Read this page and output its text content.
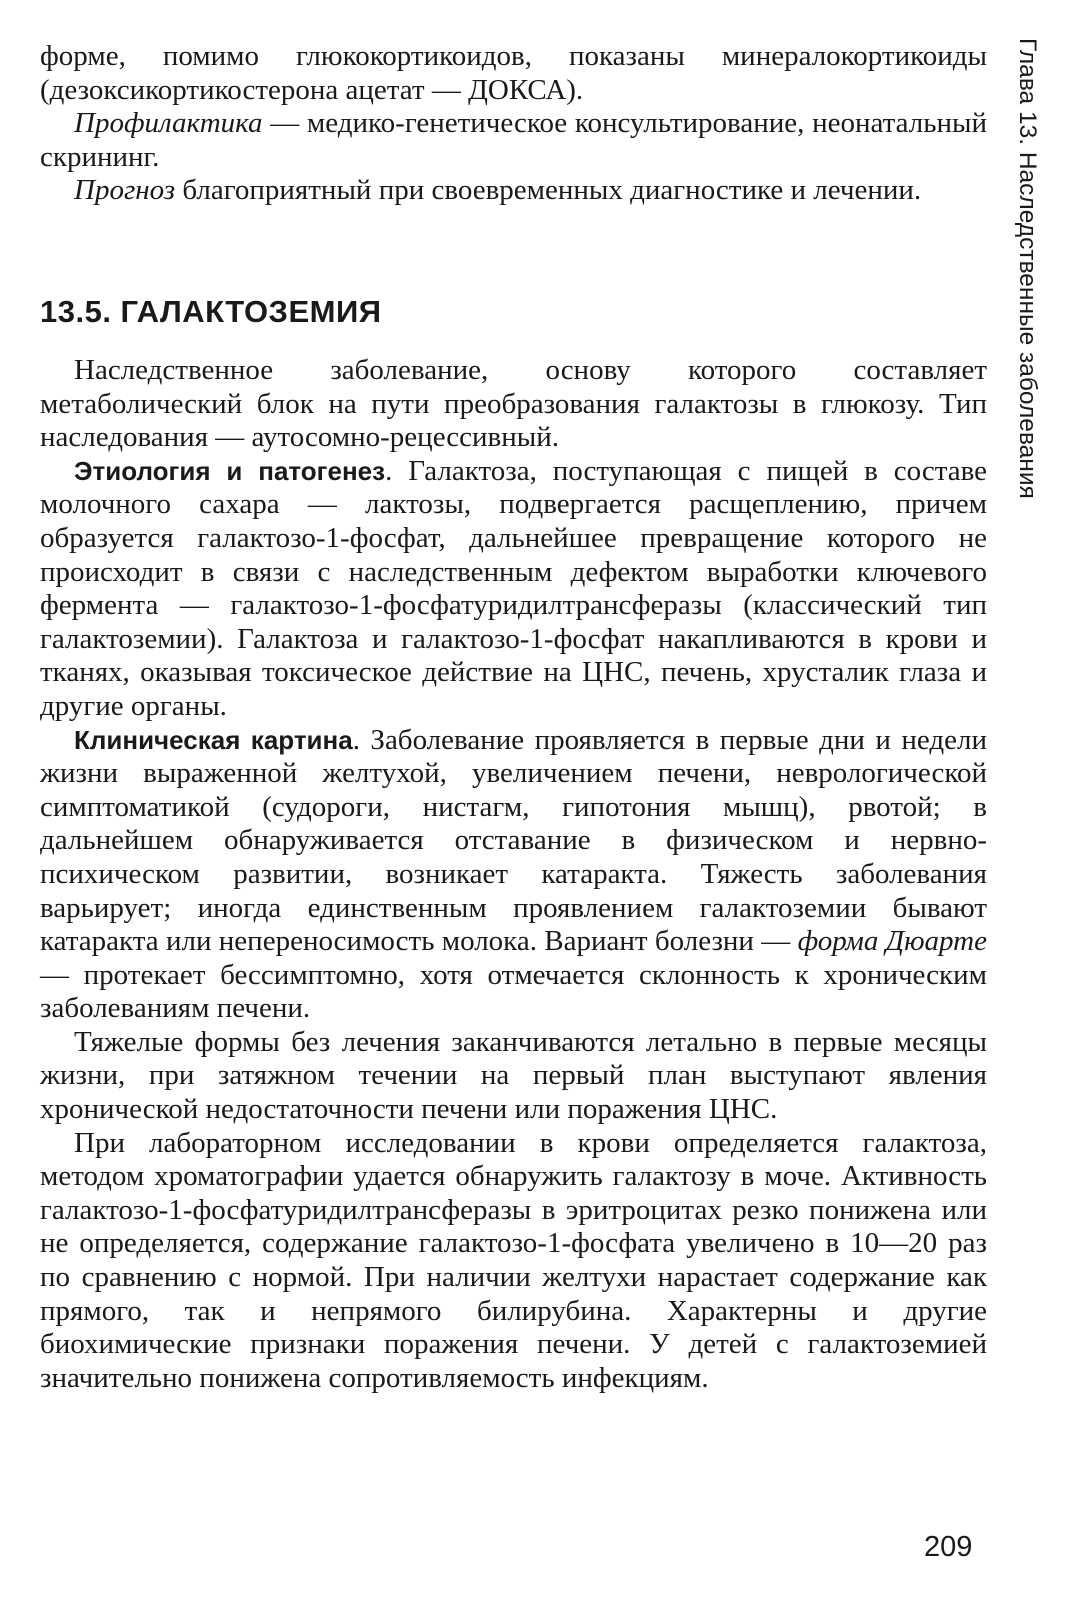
форме, помимо глюкокортикоидов, показаны минералокортикоиды (дезоксикортикостерона ацетат — ДОКСА).

Профилактика — медико-генетическое консультирование, неонатальный скрининг.

Прогноз благоприятный при своевременных диагностике и лечении.

13.5. ГАЛАКТОЗЕМИЯ

Наследственное заболевание, основу которого составляет метаболический блок на пути преобразования галактозы в глюкозу. Тип наследования — аутосомно-рецессивный.

Этиология и патогенез. Галактоза, поступающая с пищей в составе молочного сахара — лактозы, подвергается расщеплению, причем образуется галактозо-1-фосфат, дальнейшее превращение которого не происходит в связи с наследственным дефектом выработки ключевого фермента — галактозо-1-фосфатуридилтрансферазы (классический тип галактоземии). Галактоза и галактозо-1-фосфат накапливаются в крови и тканях, оказывая токсическое действие на ЦНС, печень, хрусталик глаза и другие органы.

Клиническая картина. Заболевание проявляется в первые дни и недели жизни выраженной желтухой, увеличением печени, неврологической симптоматикой (судороги, нистагм, гипотония мышц), рвотой; в дальнейшем обнаруживается отставание в физическом и нервно-психическом развитии, возникает катаракта. Тяжесть заболевания варьирует; иногда единственным проявлением галактоземии бывают катаракта или непереносимость молока. Вариант болезни — форма Дюарте — протекает бессимптомно, хотя отмечается склонность к хроническим заболеваниям печени.

Тяжелые формы без лечения заканчиваются летально в первые месяцы жизни, при затяжном течении на первый план выступают явления хронической недостаточности печени или поражения ЦНС.

При лабораторном исследовании в крови определяется галактоза, методом хроматографии удается обнаружить галактозу в моче. Активность галактозо-1-фосфатуридилтрансферазы в эритроцитах резко понижена или не определяется, содержание галактозо-1-фосфата увеличено в 10—20 раз по сравнению с нормой. При наличии желтухи нарастает содержание как прямого, так и непрямого билирубина. Характерны и другие биохимические признаки поражения печени. У детей с галактоземией значительно понижена сопротивляемость инфекциям.

Глава 13. Наследственные заболевания
209
